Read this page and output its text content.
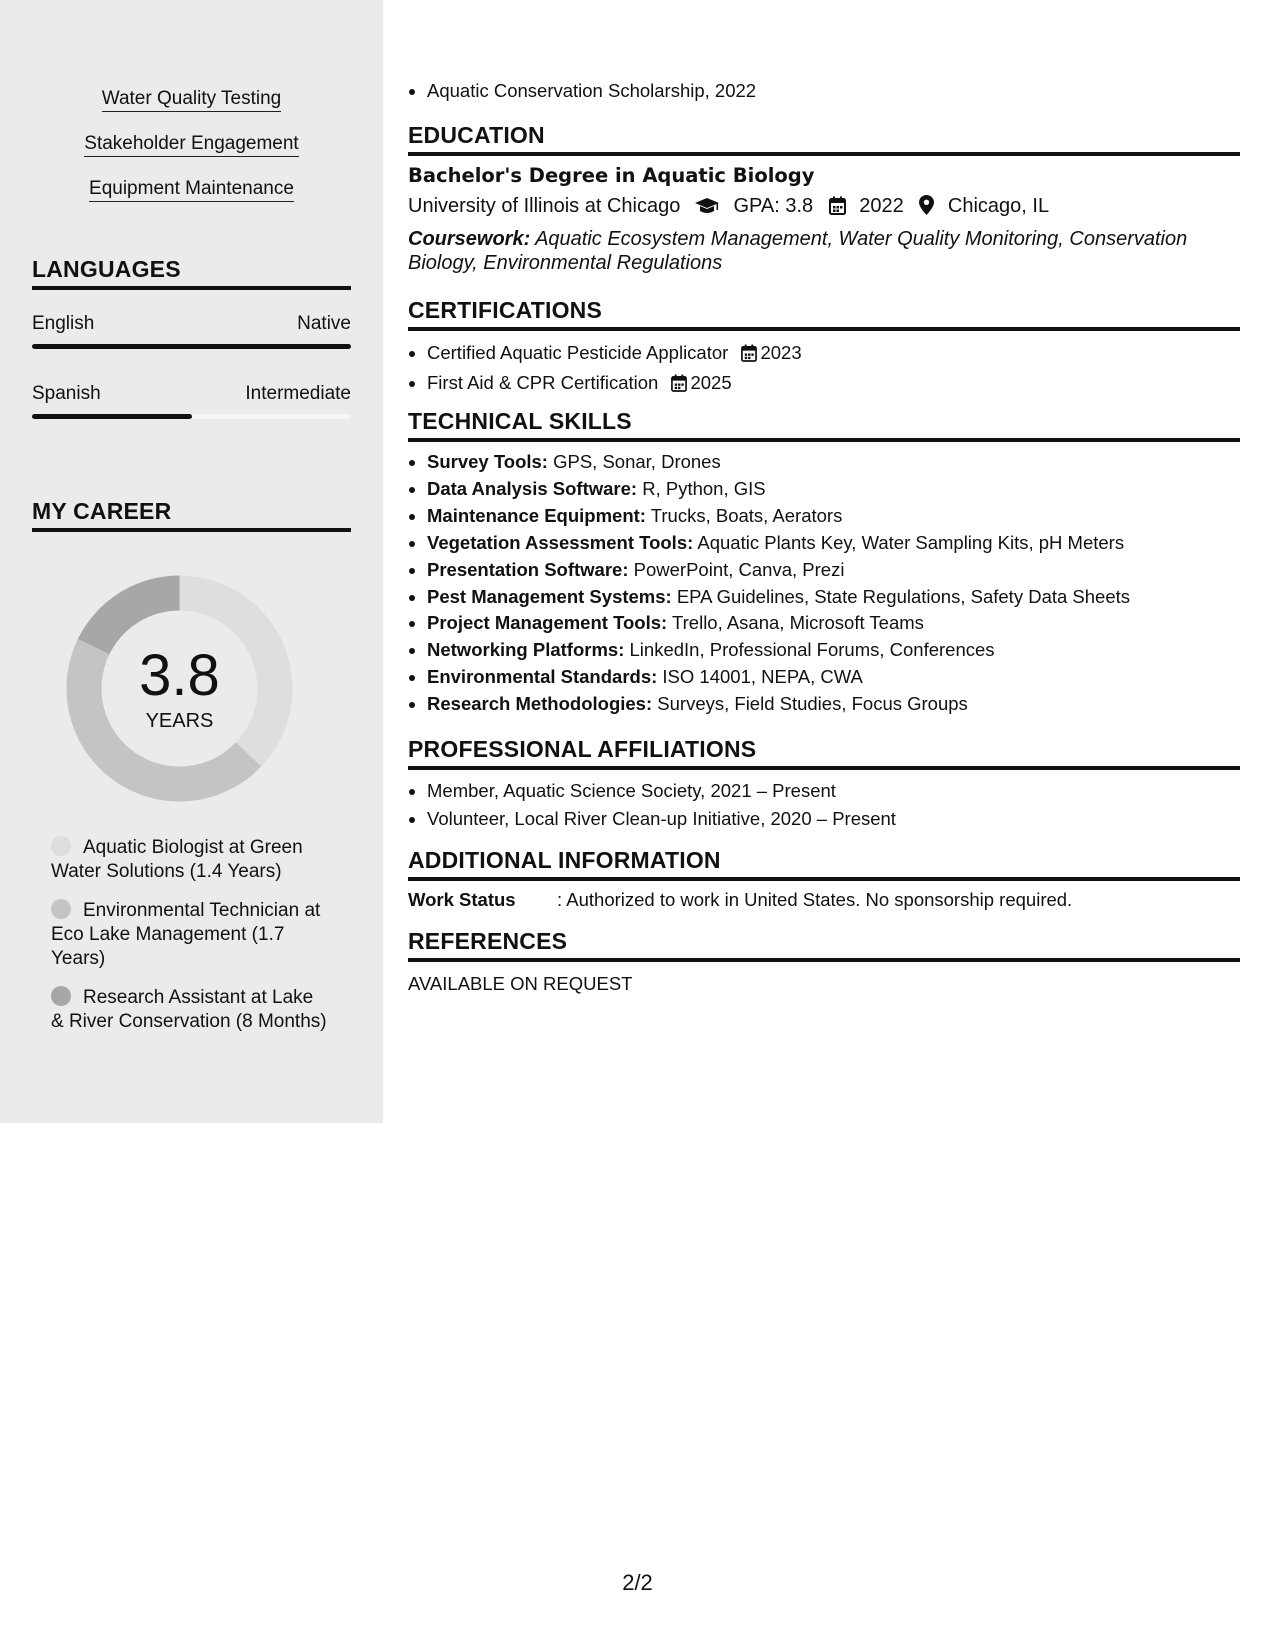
Water Quality Testing
Stakeholder Engagement
Equipment Maintenance
LANGUAGES
English	Native
Spanish	Intermediate
MY CAREER
3.8
YEARS
Aquatic Biologist at Green Water Solutions (1.4 Years)
Environmental Technician at Eco Lake Management (1.7 Years)
Research Assistant at Lake & River Conservation (8 Months)
• Aquatic Conservation Scholarship, 2022
EDUCATION
Bachelor's Degree in Aquatic Biology
University of Illinois at Chicago	GPA: 3.8 2022 Chicago, IL
Coursework: Aquatic Ecosystem Management, Water Quality Monitoring, Conservation Biology, Environmental Regulations
CERTIFICATIONS
• Certified Aquatic Pesticide Applicator 2023
• First Aid & CPR Certification 2025
TECHNICAL SKILLS
• Survey Tools: GPS, Sonar, Drones
• Data Analysis Software: R, Python, GIS
• Maintenance Equipment: Trucks, Boats, Aerators
• Vegetation Assessment Tools: Aquatic Plants Key, Water Sampling Kits, pH Meters
• Presentation Software: PowerPoint, Canva, Prezi
• Pest Management Systems: EPA Guidelines, State Regulations, Safety Data Sheets
• Project Management Tools: Trello, Asana, Microsoft Teams
• Networking Platforms: LinkedIn, Professional Forums, Conferences
• Environmental Standards: ISO 14001, NEPA, CWA
• Research Methodologies: Surveys, Field Studies, Focus Groups
PROFESSIONAL AFFILIATIONS
• Member, Aquatic Science Society, 2021 – Present
• Volunteer, Local River Clean-up Initiative, 2020 – Present
ADDITIONAL INFORMATION
Work Status : Authorized to work in United States. No sponsorship required.
REFERENCES
AVAILABLE ON REQUEST
2/2
